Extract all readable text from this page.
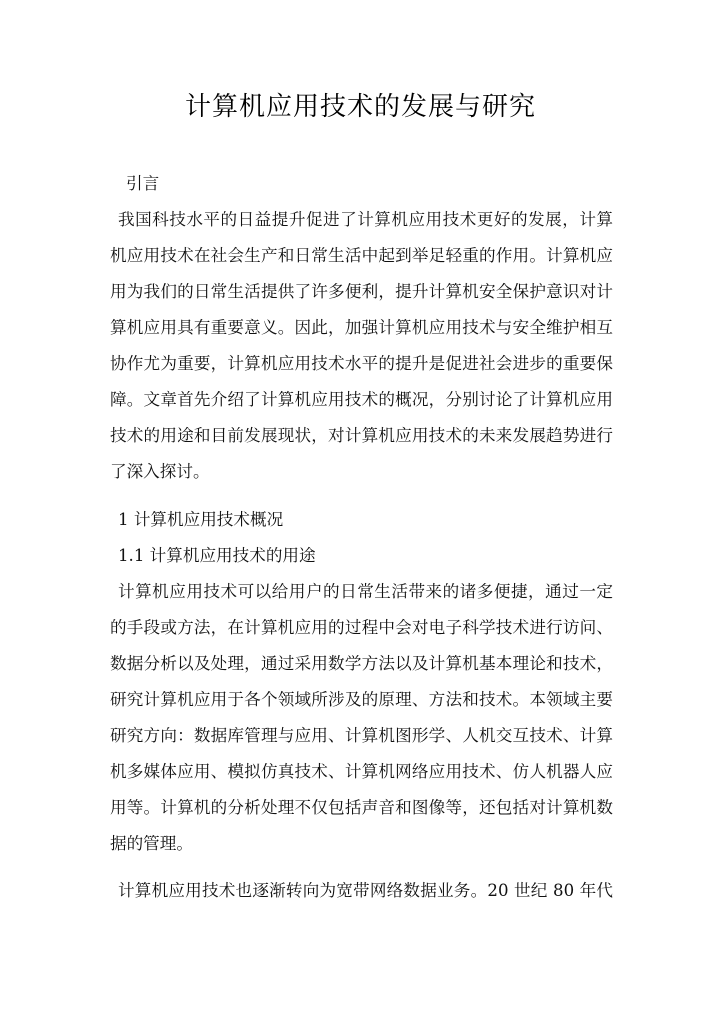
计算机应用技术的发展与研究
引言
我国科技水平的日益提升促进了计算机应用技术更好的发展，计算
机应用技术在社会生产和日常生活中起到举足轻重的作用。计算机应
用为我们的日常生活提供了许多便利，提升计算机安全保护意识对计
算机应用具有重要意义。因此，加强计算机应用技术与安全维护相互
协作尤为重要，计算机应用技术水平的提升是促进社会进步的重要保
障。文章首先介绍了计算机应用技术的概况，分别讨论了计算机应用
技术的用途和目前发展现状，对计算机应用技术的未来发展趋势进行
了深入探讨。
1 计算机应用技术概况
1.1 计算机应用技术的用途
计算机应用技术可以给用户的日常生活带来的诸多便捷，通过一定
的手段或方法，在计算机应用的过程中会对电子科学技术进行访问、
数据分析以及处理，通过采用数学方法以及计算机基本理论和技术，
研究计算机应用于各个领域所涉及的原理、方法和技术。本领域主要
研究方向：数据库管理与应用、计算机图形学、人机交互技术、计算
机多媒体应用、模拟仿真技术、计算机网络应用技术、仿人机器人应
用等。计算机的分析处理不仅包括声音和图像等，还包括对计算机数
据的管理。
计算机应用技术也逐渐转向为宽带网络数据业务。20 世纪 80 年代
